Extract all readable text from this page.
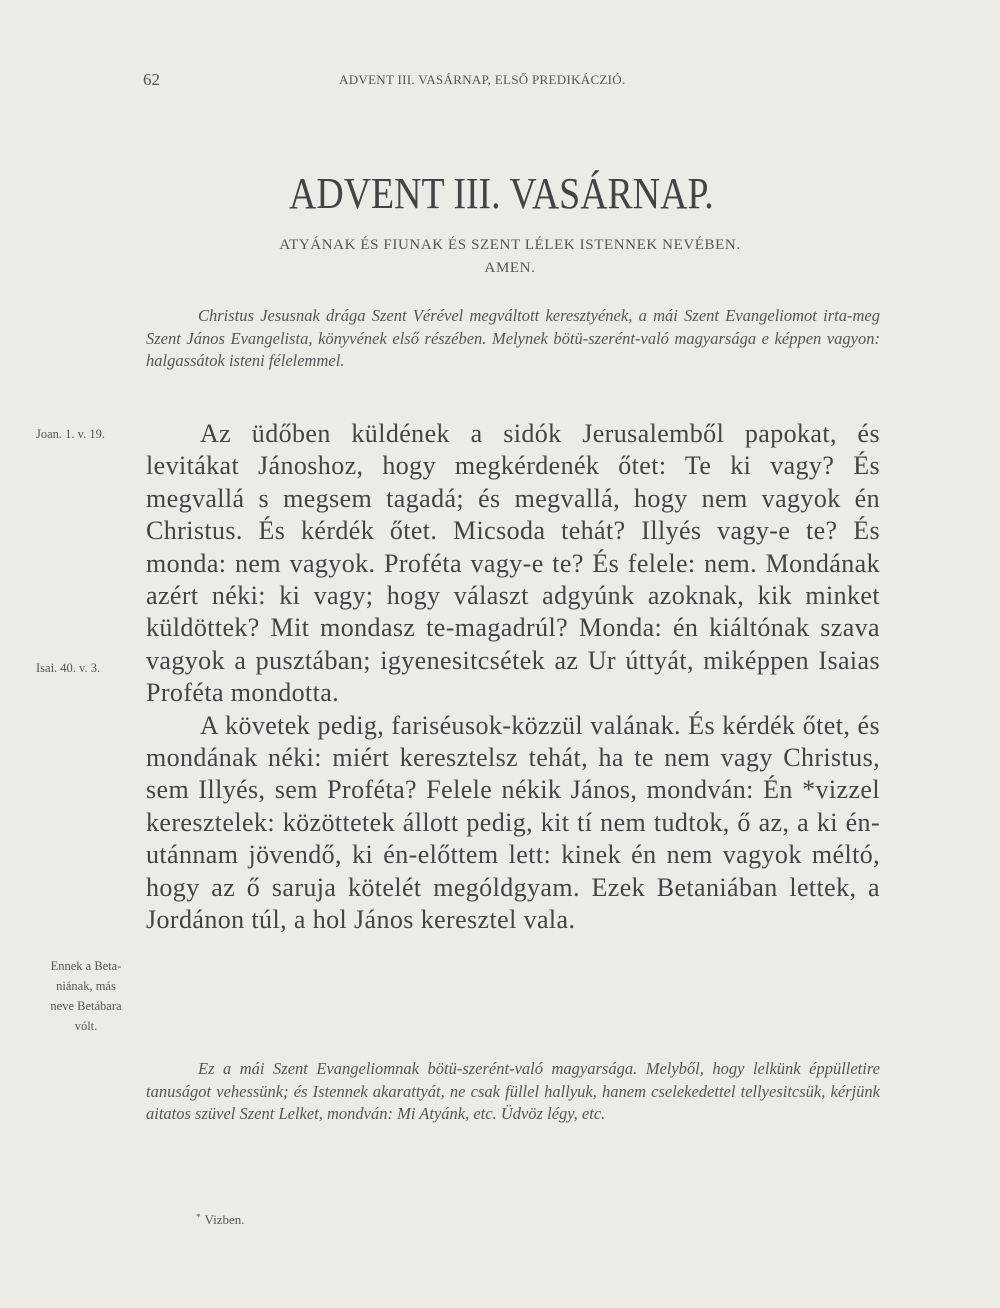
62	ADVENT III. VASÁRNAP, ELSŐ PREDIKÁCZIÓ.
ADVENT III. VASÁRNAP.
ATYÁNAK ÉS FIUNAK ÉS SZENT LÉLEK ISTENNEK NEVÉBEN.
AMEN.
Christus Jesusnak drága Szent Vérével megváltott keresztyének, a mái Szent Evangeliomot irta-meg Szent János Evangelista, könyvének első részében. Melynek bötü-szerént-való magyarsága e képpen vagyon: halgassátok isteni félelemmel.
Joan. 1. v. 19.
Isai. 40. v. 3.
Ennek a Beta-
niának, más
neve Betábara
vólt.

Az üdőben küldének a sidók Jerusalemből papokat, és levitákat Jánoshoz, hogy megkérdenék őtet: Te ki vagy? És megvallá s megsem tagadá; és megvallá, hogy nem vagyok én Christus. És kérdék őtet. Micsoda tehát? Illyés vagy-e te? És monda: nem vagyok. Proféta vagy-e te? És felele: nem. Mondának azért néki: ki vagy; hogy választ adgyúnk azoknak, kik minket küldöttek? Mit mondasz te-magadrúl? Monda: én kiáltónak szava vagyok a pusztában; igyenesitcsétek az Ur úttyát, miképpen Isaias Proféta mondotta.

A követek pedig, fariséusok-közzül valának. És kérdék őtet, és mondának néki: miért keresztelsz tehát, ha te nem vagy Christus, sem Illyés, sem Proféta? Felele nékik János, mondván: Én *vizzel keresztelek: közöttetek állott pedig, kit tí nem tudtok, ő az, a ki én-utánnam jövendő, ki én-előttem lett: kinek én nem vagyok méltó, hogy az ő saruja kötelét mególdgyam. Ezek Betaniában lettek, a Jordánon túl, a hol János keresztel vala.

Ez a mái Szent Evangeliomnak bötü-szerént-való magyarsága. Melyből, hogy lelkünk éppülletire tanuságot vehessünk; és Istennek akarattyát, ne csak füllel hallyuk, hanem cselekedettel tellyesitcsük, kérjünk aitatos szüvel Szent Lelket, mondván: Mi Atyánk, etc. Üdvöz légy, etc.
* Vizben.
